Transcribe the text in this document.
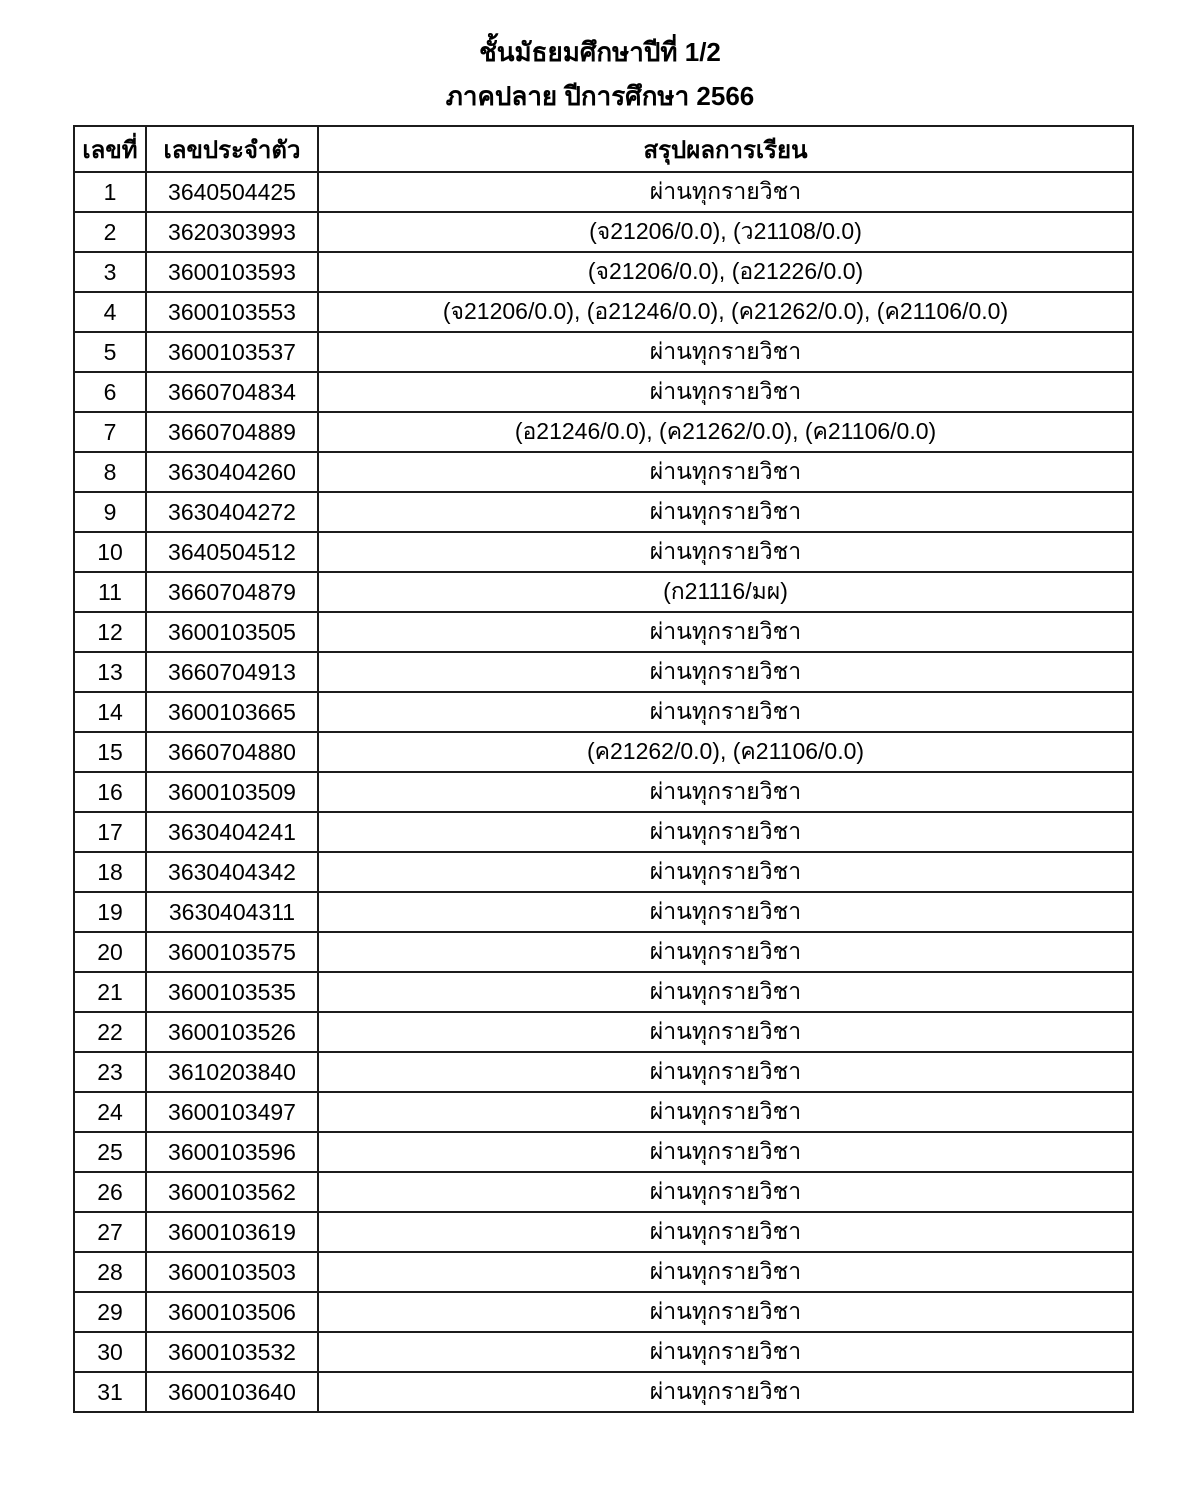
ชั้นมัธยมศึกษาปีที่ 1/2
ภาคปลาย ปีการศึกษา 2566
เลขที่	เลขประจำตัว	สรุปผลการเรียน
1	3640504425	ผ่านทุกรายวิชา
2	3620303993	(จ21206/0.0), (ว21108/0.0)
3	3600103593	(จ21206/0.0), (อ21226/0.0)
4	3600103553	(จ21206/0.0), (อ21246/0.0), (ค21262/0.0), (ค21106/0.0)
5	3600103537	ผ่านทุกรายวิชา
6	3660704834	ผ่านทุกรายวิชา
7	3660704889	(อ21246/0.0), (ค21262/0.0), (ค21106/0.0)
8	3630404260	ผ่านทุกรายวิชา
9	3630404272	ผ่านทุกรายวิชา
10	3640504512	ผ่านทุกรายวิชา
11	3660704879	(ก21116/มผ)
12	3600103505	ผ่านทุกรายวิชา
13	3660704913	ผ่านทุกรายวิชา
14	3600103665	ผ่านทุกรายวิชา
15	3660704880	(ค21262/0.0), (ค21106/0.0)
16	3600103509	ผ่านทุกรายวิชา
17	3630404241	ผ่านทุกรายวิชา
18	3630404342	ผ่านทุกรายวิชา
19	3630404311	ผ่านทุกรายวิชา
20	3600103575	ผ่านทุกรายวิชา
21	3600103535	ผ่านทุกรายวิชา
22	3600103526	ผ่านทุกรายวิชา
23	3610203840	ผ่านทุกรายวิชา
24	3600103497	ผ่านทุกรายวิชา
25	3600103596	ผ่านทุกรายวิชา
26	3600103562	ผ่านทุกรายวิชา
27	3600103619	ผ่านทุกรายวิชา
28	3600103503	ผ่านทุกรายวิชา
29	3600103506	ผ่านทุกรายวิชา
30	3600103532	ผ่านทุกรายวิชา
31	3600103640	ผ่านทุกรายวิชา
